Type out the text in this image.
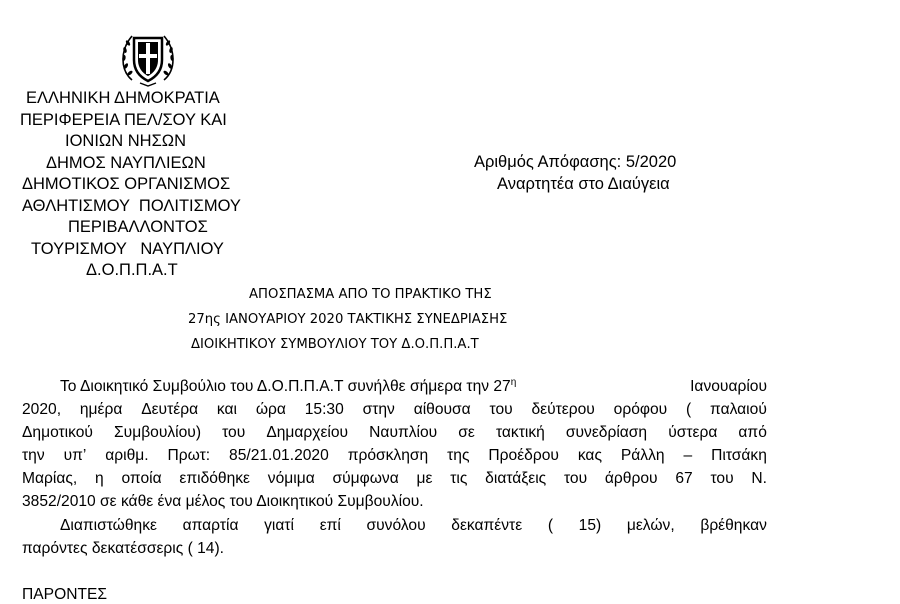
ΕΛΛΗΝΙΚΗ ΔΗΜΟΚΡΑΤΙΑ
ΠΕΡΙΦΕΡΕΙΑ ΠΕΛ/ΣΟΥ ΚΑΙ
ΙΟΝΙΩΝ ΝΗΣΩΝ
ΔΗΜΟΣ ΝΑΥΠΛΙΕΩΝ
ΔΗΜΟΤΙΚΟΣ ΟΡΓΑΝΙΣΜΟΣ
ΑΘΛΗΤΙΣΜΟΥ  ΠΟΛΙΤΙΣΜΟΥ
ΠΕΡΙΒΑΛΛΟΝΤΟΣ
ΤΟΥΡΙΣΜΟΥ   ΝΑΥΠΛΙΟΥ
Δ.Ο.Π.Π.Α.Τ
Αριθμός Απόφασης: 5/2020
Αναρτητέα στο Διαύγεια
ΑΠΟΣΠΑΣΜΑ ΑΠΟ ΤΟ ΠΡΑΚΤΙΚΟ ΤΗΣ
27ης ΙΑΝΟΥΑΡΙΟΥ 2020 ΤΑΚΤΙΚΗΣ ΣΥΝΕΔΡΙΑΣΗΣ
ΔΙΟΙΚΗΤΙΚΟΥ ΣΥΜΒΟΥΛΙΟΥ ΤΟΥ Δ.Ο.Π.Π.Α.Τ
Το Διοικητικό Συμβούλιο του Δ.Ο.Π.Π.Α.Τ συνήλθε σήμερα την $27^\eta$	Ιανουαρίου
2020, ημέρα Δευτέρα και ώρα 15:30 στην αίθουσα του δεύτερου ορόφου ( παλαιού
Δημοτικού Συμβουλίου) του Δημαρχείου Ναυπλίου σε τακτική συνεδρίαση ύστερα από
την υπ’ αριθμ. Πρωτ: 85/21.01.2020 πρόσκληση της Προέδρου κας Ράλλη – Πιτσάκη
Μαρίας, η οποία επιδόθηκε νόμιμα σύμφωνα με τις διατάξεις του άρθρου 67 του Ν.
3852/2010 σε κάθε ένα μέλος του Διοικητικού Συμβουλίου.
Διαπιστώθηκε απαρτία γιατί επί συνόλου δεκαπέντε ( 15) μελών, βρέθηκαν
παρόντες δεκατέσσερις ( 14).
ΠΑΡΟΝΤΕΣ
